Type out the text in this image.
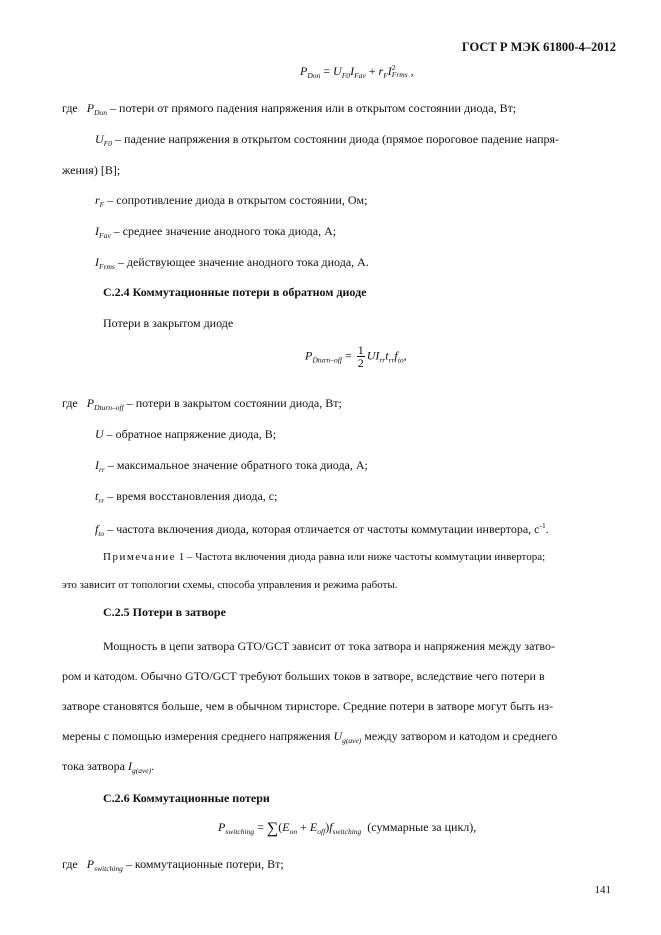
ГОСТ Р МЭК 61800-4–2012
$P_{Don} = U_{F0}I_{Fav} + r_FI$ 2
Frms ,
где $P_{Don}$ – потери от прямого падения напряжения или в открытом состоянии диода, Вт;
$U_{F0}$ – падение напряжения в открытом состоянии диода (прямое пороговое падение напря-
жения) [В];
$r_F$ – сопротивление диода в открытом состоянии, Ом;
$I_{Fav}$ – среднее значение анодного тока диода, А;
$I_{Frms}$ – действующее значение анодного тока диода, А.
С.2.4 Коммутационные потери в обратном диоде
Потери в закрытом диоде
$P_{Dturn-off} = \frac{1}{2} UI_{rr}t_{rr}f_{to}$,
где $P_{Dturn-off}$ – потери в закрытом состоянии диода, Вт;
U – обратное напряжение диода, В;
$I_{rr}$ – максимальное значение обратного тока диода, А;
$t_{rr}$ – время восстановления диода, с;
$f_{to}$ – частота включения диода, которая отличается от частоты коммутации инвертора, $с^{-1}$.
Примечание 1 – Частота включения диода равна или ниже частоты коммутации инвертора;
это зависит от топологии схемы, способа управления и режима работы.
С.2.5 Потери в затворе
Мощность в цепи затвора GTO/GCT зависит от тока затвора и напряжения между затво-
ром и катодом. Обычно GTO/GCT требуют больших токов в затворе, вследствие чего потери в
затворе становятся больше, чем в обычном тиристоре. Средние потери в затворе могут быть из-
мерены с помощью измерения среднего напряжения $U_{g(ave)}$ между затвором и катодом и среднего
тока затвора $I_{g(ave)}$.
С.2.6 Коммутационные потери
$P_{switching} = \sum(E_{on} + E_{off})f_{switching}$ (суммарные за цикл),
где $P_{switching}$ – коммутационные потери, Вт;
141
